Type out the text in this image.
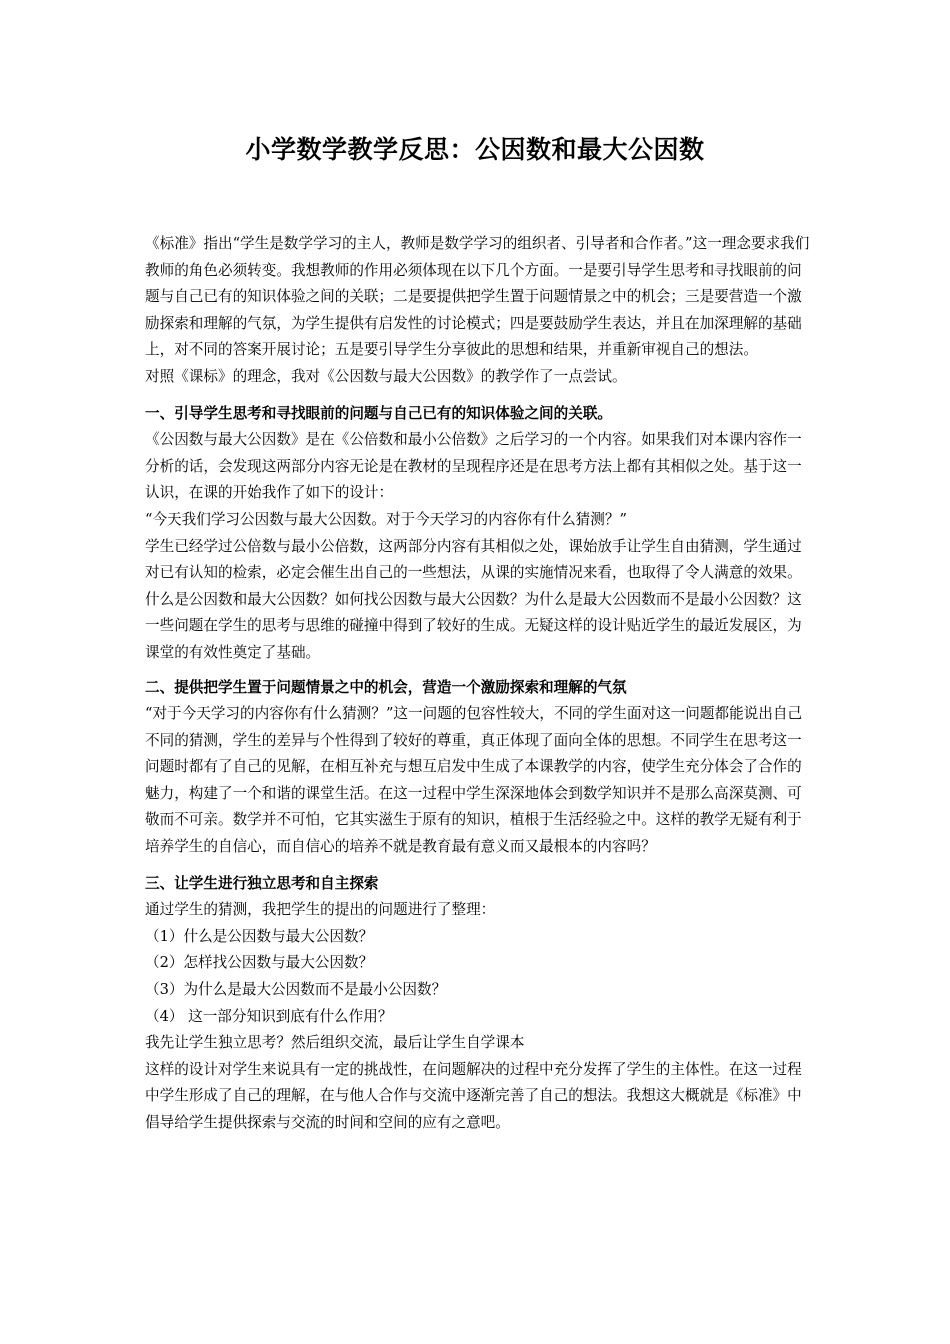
小学数学教学反思：公因数和最大公因数

《标准》指出“学生是数学学习的主人，教师是数学学习的组织者、引导者和合作者。”这一理念要求我们教师的角色必须转变。我想教师的作用必须体现在以下几个方面。一是要引导学生思考和寻找眼前的问题与自己已有的知识体验之间的关联；二是要提供把学生置于问题情景之中的机会；三是要营造一个激励探索和理解的气氛，为学生提供有启发性的讨论模式；四是要鼓励学生表达，并且在加深理解的基础上，对不同的答案开展讨论；五是要引导学生分享彼此的思想和结果，并重新审视自己的想法。

对照《课标》的理念，我对《公因数与最大公因数》的教学作了一点尝试。

一、引导学生思考和寻找眼前的问题与自己已有的知识体验之间的关联。

《公因数与最大公因数》是在《公倍数和最小公倍数》之后学习的一个内容。如果我们对本课内容作一分析的话，会发现这两部分内容无论是在教材的呈现程序还是在思考方法上都有其相似之处。基于这一认识，在课的开始我作了如下的设计：

“今天我们学习公因数与最大公因数。对于今天学习的内容你有什么猜测？”

学生已经学过公倍数与最小公倍数，这两部分内容有其相似之处，课始放手让学生自由猜测，学生通过对已有认知的检索，必定会催生出自己的一些想法，从课的实施情况来看，也取得了令人满意的效果。什么是公因数和最大公因数？如何找公因数与最大公因数？为什么是最大公因数而不是最小公因数？这一些问题在学生的思考与思维的碰撞中得到了较好的生成。无疑这样的设计贴近学生的最近发展区，为课堂的有效性奠定了基础。

二、提供把学生置于问题情景之中的机会，营造一个激励探索和理解的气氛

“对于今天学习的内容你有什么猜测？”这一问题的包容性较大，不同的学生面对这一问题都能说出自己不同的猜测，学生的差异与个性得到了较好的尊重，真正体现了面向全体的思想。不同学生在思考这一问题时都有了自己的见解，在相互补充与想互启发中生成了本课教学的内容，使学生充分体会了合作的魅力，构建了一个和谐的课堂生活。在这一过程中学生深深地体会到数学知识并不是那么高深莫测、可敬而不可亲。数学并不可怕，它其实滋生于原有的知识，植根于生活经验之中。这样的教学无疑有利于培养学生的自信心，而自信心的培养不就是教育最有意义而又最根本的内容吗？

三、让学生进行独立思考和自主探索

通过学生的猜测，我把学生的提出的问题进行了整理：

（1）什么是公因数与最大公因数？

（2）怎样找公因数与最大公因数？

（3）为什么是最大公因数而不是最小公因数？

（4） 这一部分知识到底有什么作用？

我先让学生独立思考？然后组织交流，最后让学生自学课本

这样的设计对学生来说具有一定的挑战性，在问题解决的过程中充分发挥了学生的主体性。在这一过程中学生形成了自己的理解，在与他人合作与交流中逐渐完善了自己的想法。我想这大概就是《标准》中倡导给学生提供探索与交流的时间和空间的应有之意吧。
